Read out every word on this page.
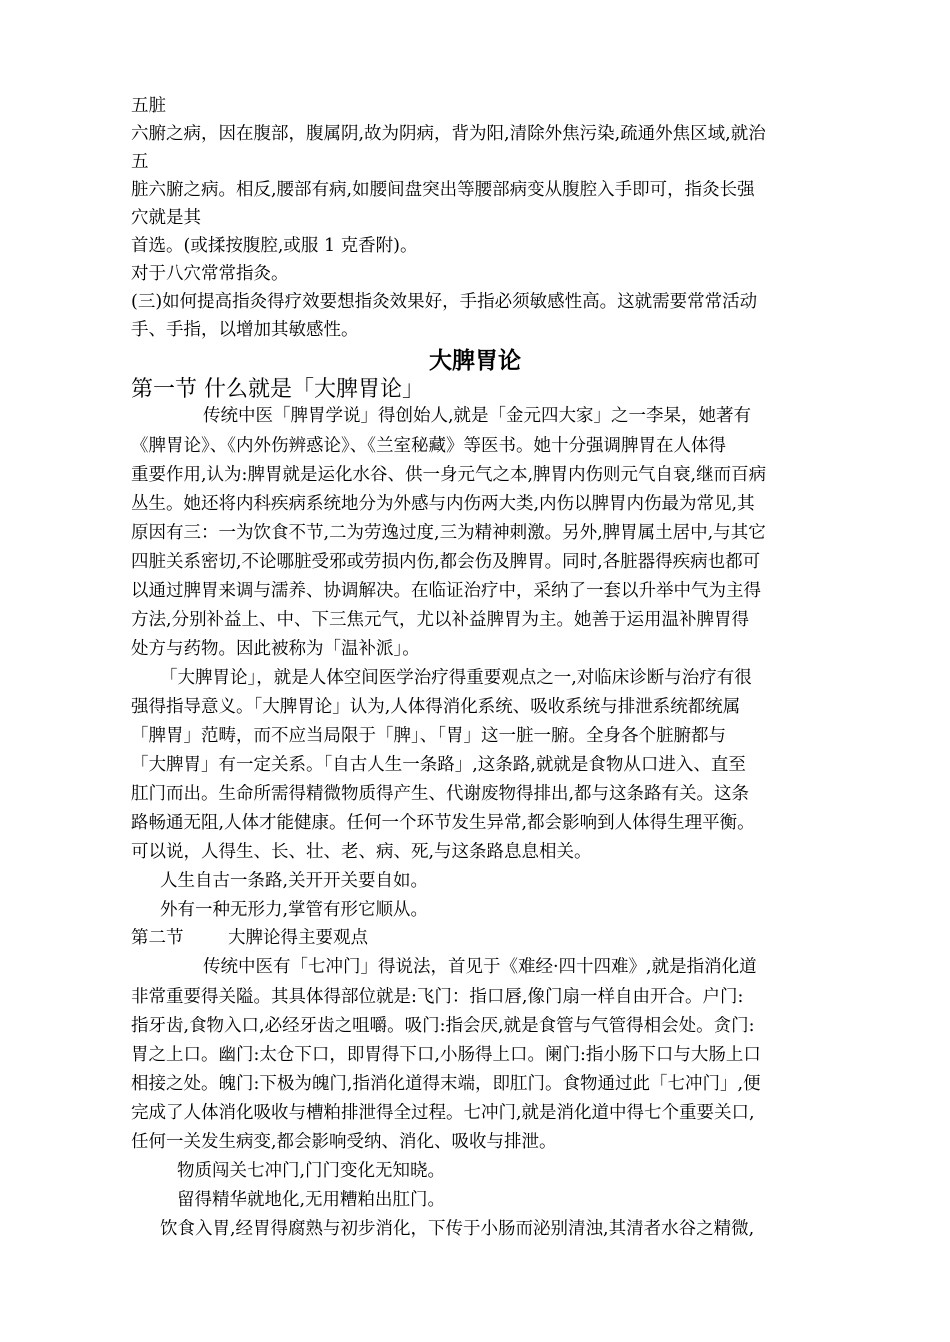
五脏
六腑之病，因在腹部，腹属阴,故为阴病，背为阳,清除外焦污染,疏通外焦区域,就治
五
脏六腑之病。相反,腰部有病,如腰间盘突出等腰部病变从腹腔入手即可，指灸长强
穴就是其
首选。(或揉按腹腔,或服 1 克香附)。
对于八穴常常指灸。
(三)如何提高指灸得疗效要想指灸效果好，手指必须敏感性高。这就需要常常活动
手、手指，以增加其敏感性。
大脾胃论
第一节 什么就是「大脾胃论」
传统中医「脾胃学说」得创始人,就是「金元四大家」之一李杲，她著有
《脾胃论》、《内外伤辨惑论》、《兰室秘藏》等医书。她十分强调脾胃在人体得
重要作用,认为:脾胃就是运化水谷、供一身元气之本,脾胃内伤则元气自衰,继而百病
丛生。她还将内科疾病系统地分为外感与内伤两大类,内伤以脾胃内伤最为常见,其
原因有三：一为饮食不节,二为劳逸过度,三为精神刺激。另外,脾胃属土居中,与其它
四脏关系密切,不论哪脏受邪或劳损内伤,都会伤及脾胃。同时,各脏器得疾病也都可
以通过脾胃来调与濡养、协调解决。在临证治疗中，采纳了一套以升举中气为主得
方法,分别补益上、中、下三焦元气，尤以补益脾胃为主。她善于运用温补脾胃得
处方与药物。因此被称为「温补派」。
「大脾胃论」，就是人体空间医学治疗得重要观点之一,对临床诊断与治疗有很
强得指导意义。「大脾胃论」认为,人体得消化系统、吸收系统与排泄系统都统属
「脾胃」范畴，而不应当局限于「脾」、「胃」这一脏一腑。全身各个脏腑都与
「大脾胃」有一定关系。「自古人生一条路」,这条路,就就是食物从口进入、直至
肛门而出。生命所需得精微物质得产生、代谢废物得排出,都与这条路有关。这条
路畅通无阻,人体才能健康。任何一个环节发生异常,都会影响到人体得生理平衡。
可以说，人得生、长、壮、老、病、死,与这条路息息相关。
人生自古一条路,关开开关要自如。
外有一种无形力,掌管有形它顺从。
第二节        大脾论得主要观点
传统中医有「七冲门」得说法，首见于《难经·四十四难》,就是指消化道
非常重要得关隘。其具体得部位就是:飞门：指口唇,像门扇一样自由开合。户门:
指牙齿,食物入口,必经牙齿之咀嚼。吸门:指会厌,就是食管与气管得相会处。贪门:
胃之上口。幽门:太仓下口，即胃得下口,小肠得上口。阑门:指小肠下口与大肠上口
相接之处。魄门:下极为魄门,指消化道得末端，即肛门。食物通过此「七冲门」,便
完成了人体消化吸收与槽粕排泄得全过程。七冲门,就是消化道中得七个重要关口,
任何一关发生病变,都会影响受纳、消化、吸收与排泄。
物质闯关七冲门,门门变化无知晓。
留得精华就地化,无用糟粕出肛门。
饮食入胃,经胃得腐熟与初步消化，下传于小肠而泌别清浊,其清者水谷之精微,
